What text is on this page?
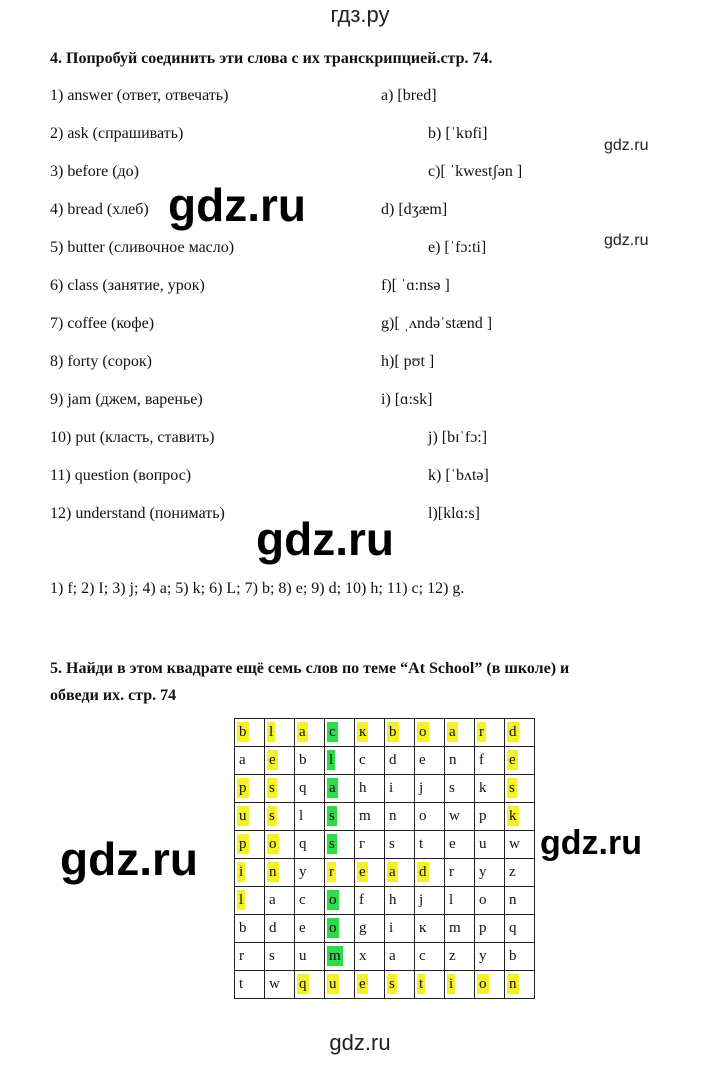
гдз.ру
4. Попробуй соединить эти слова с их транскрипцией.стр. 74.
1) answer (ответ, отвечать)
2) ask (спрашивать)
3) before (до)
4) bread (хлеб)
5) butter (сливочное масло)
6) class (занятие, урок)
7) coffee (кофе)
8) forty (сорок)
9) jam (джем, варенье)
10) put (класть, ставить)
11) question (вопрос)
12) understand (понимать)
a) [bred]
b) [ˈkɒfi]
c)[ ˈkwestʃən ]
d) [dʒæm]
e) [ˈfɔ:ti]
f)[ ˈɑ:nsə ]
g)[ ˌʌndəˈstænd ]
h)[ pʊt ]
i) [ɑ:sk]
j) [bɪˈfɔ:]
k) [ˈbʌtə]
l)[klɑ:s]
1) f; 2) I; 3) j; 4) a; 5) k; 6) L; 7) b; 8) e; 9) d; 10) h; 11) c; 12) g.
5. Найди в этом квадрате ещё семь слов по теме “At School” (в школе) и
обведи их. стр. 74
b	l	a	c	к	b	o	a	r	d
a	e	b	l	c	d	e	n	f	e
p	s	q	a	h	i	j	s	k	s
u	s	l	s	m	n	o	w	p	k
p	o	q	s	г	s	t	e	u	w
i	n	y	r	e	a	d	r	y	z
l	a	c	o	f	h	j	l	o	n
b	d	e	o	g	i	к	m	p	q
r	s	u	m	x	a	c	z	y	b
t	w	q	u	e	s	t	i	o	n
gdz.ru
gdz.ru
gdz.ru	gdz.ru
gdz.ru
gdz.ru
gdz.ru
